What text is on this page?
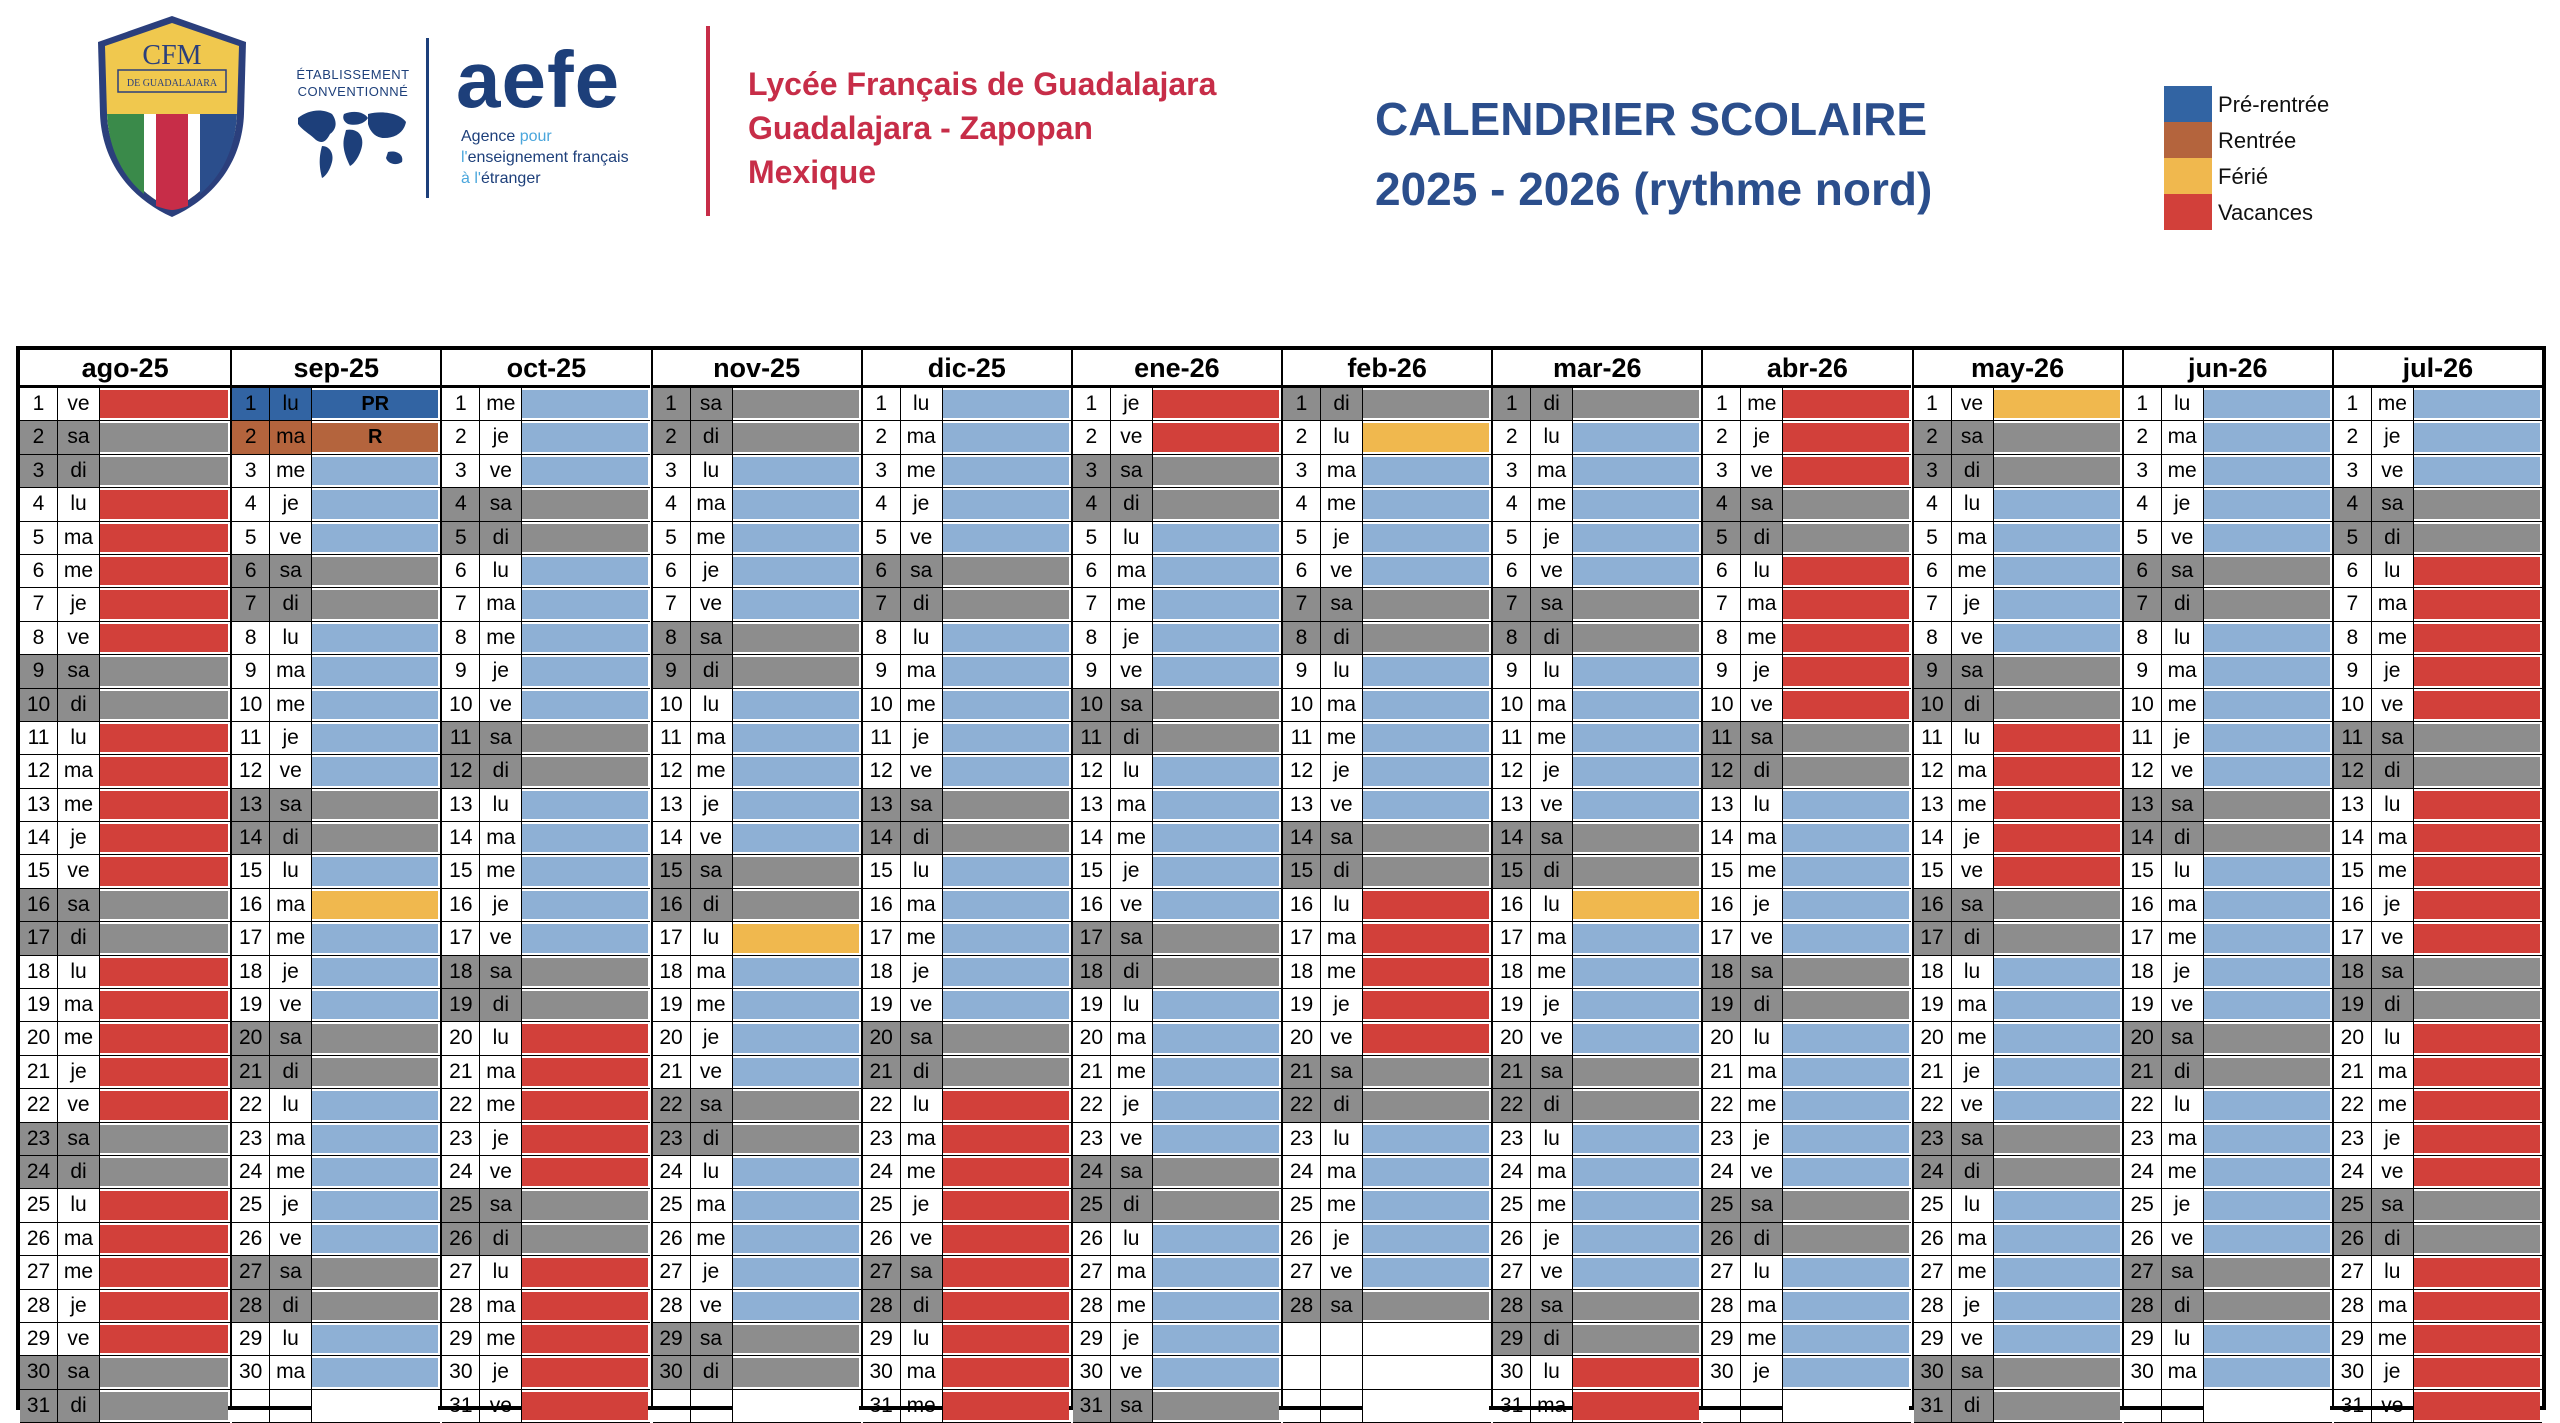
CFM
DE GUADALAJARA
ÉTABLISSEMENT
CONVENTIONNÉ aefe
Agence pour
l'enseignement français
à l'étranger
Lycée Français de Guadalajara
Guadalajara - Zapopan
Mexique
CALENDRIER SCOLAIRE
2025 - 2026 (rythme nord)
Pré-rentrée
Rentrée
Férié
Vacances
ago-25
1	ve
2	sa
3	di
4	lu
5 ma
6 me
7	je
8	ve
9	sa
10 di
11 lu
12 ma
13 me
14 je
15 ve
16 sa
17 di
18 lu
19 ma
20 me
21 je
22 ve
23 sa
24 di
25 lu
26 ma
27 me
28 je
29 ve
30 sa
31 di
sep-25
1	lu	PR
2 ma	R
3 me
4	je
5	ve
6	sa
7	di
8	lu
9 ma
10 me
11 je
12 ve
13 sa
14 di
15 lu
16 ma
17 me
18 je
19 ve
20 sa
21 di
22 lu
23 ma
24 me
25 je
26 ve
27 sa
28 di
29 lu
30 ma
oct-25
1 me
2	je
3	ve
4	sa
5	di
6	lu
7 ma
8 me
9	je
10 ve
11 sa
12 di
13 lu
14 ma
15 me
16 je
17 ve
18 sa
19 di
20 lu
21 ma
22 me
23 je
24 ve
25 sa
26 di
27 lu
28 ma
29 me
30 je
31 ve
nov-25
1	sa
2	di
3	lu
4 ma
5 me
6	je
7	ve
8	sa
9	di
10 lu
11 ma
12 me
13 je
14 ve
15 sa
16 di
17 lu
18 ma
19 me
20 je
21 ve
22 sa
23 di
24 lu
25 ma
26 me
27 je
28 ve
29 sa
30 di
dic-25
1	lu
2 ma
3 me
4	je
5	ve
6	sa
7	di
8	lu
9 ma
10 me
11 je
12 ve
13 sa
14 di
15 lu
16 ma
17 me
18 je
19 ve
20 sa
21 di
22 lu
23 ma
24 me
25 je
26 ve
27 sa
28 di
29 lu
30 ma
31 me
ene-26
1	je
2	ve
3	sa
4	di
5	lu
6 ma
7 me
8	je
9	ve
10 sa
11 di
12 lu
13 ma
14 me
15 je
16 ve
17 sa
18 di
19 lu
20 ma
21 me
22 je
23 ve
24 sa
25 di
26 lu
27 ma
28 me
29 je
30 ve
31 sa
feb-26
1	di
2	lu
3 ma
4 me
5	je
6	ve
7	sa
8	di
9	lu
10 ma
11 me
12 je
13 ve
14 sa
15 di
16 lu
17 ma
18 me
19 je
20 ve
21 sa
22 di
23 lu
24 ma
25 me
26 je
27 ve
28 sa
mar-26
1	di
2	lu
3 ma
4 me
5	je
6	ve
7	sa
8	di
9	lu
10 ma
11 me
12 je
13 ve
14 sa
15 di
16 lu
17 ma
18 me
19 je
20 ve
21 sa
22 di
23 lu
24 ma
25 me
26 je
27 ve
28 sa
29 di
30 lu
31 ma
abr-26
1 me
2	je
3	ve
4	sa
5	di
6	lu
7 ma
8 me
9	je
10 ve
11 sa
12 di
13 lu
14 ma
15 me
16 je
17 ve
18 sa
19 di
20 lu
21 ma
22 me
23 je
24 ve
25 sa
26 di
27 lu
28 ma
29 me
30 je
may-26
1	ve
2	sa
3	di
4	lu
5 ma
6 me
7	je
8	ve
9	sa
10 di
11 lu
12 ma
13 me
14 je
15 ve
16 sa
17 di
18 lu
19 ma
20 me
21 je
22 ve
23 sa
24 di
25 lu
26 ma
27 me
28 je
29 ve
30 sa
31 di
jun-26
1	lu
2 ma
3 me
4	je
5	ve
6	sa
7	di
8	lu
9 ma
10 me
11 je
12 ve
13 sa
14 di
15 lu
16 ma
17 me
18 je
19 ve
20 sa
21 di
22 lu
23 ma
24 me
25 je
26 ve
27 sa
28 di
29 lu
30 ma
jul-26
1 me
2	je
3	ve
4	sa
5	di
6	lu
7 ma
8 me
9	je
10 ve
11 sa
12 di
13 lu
14 ma
15 me
16 je
17 ve
18 sa
19 di
20 lu
21 ma
22 me
23 je
24 ve
25 sa
26 di
27 lu
28 ma
29 me
30 je
31 ve
